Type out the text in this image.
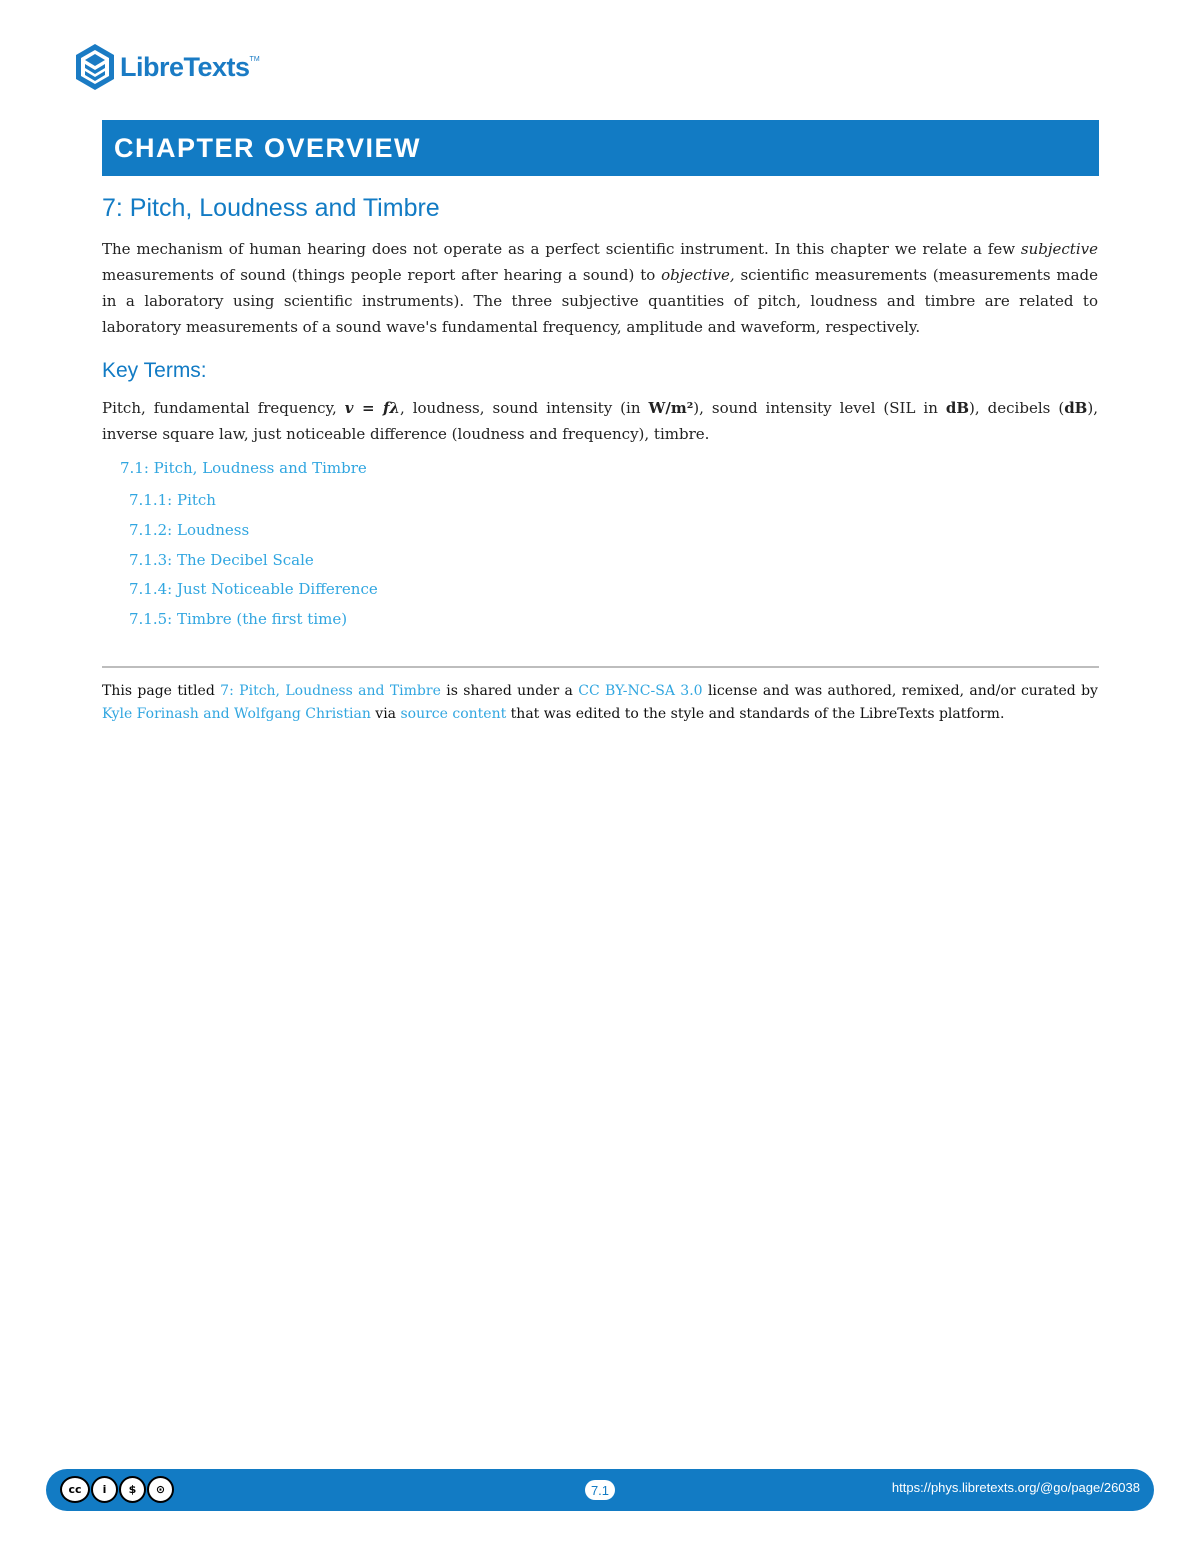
LibreTexts TM
CHAPTER OVERVIEW
7: Pitch, Loudness and Timbre

The mechanism of human hearing does not operate as a perfect scientific instrument. In this chapter we relate a few subjective measurements of sound (things people report after hearing a sound) to objective, scientific measurements (measurements made in a laboratory using scientific instruments). The three subjective quantities of pitch, loudness and timbre are related to laboratory measurements of a sound wave's fundamental frequency, amplitude and waveform, respectively.

Key Terms:

Pitch, fundamental frequency, v = fλ, loudness, sound intensity (in W/m²), sound intensity level (SIL in dB), decibels (dB), inverse square law, just noticeable difference (loudness and frequency), timbre.

7.1: Pitch, Loudness and Timbre
7.1.1: Pitch
7.1.2: Loudness
7.1.3: The Decibel Scale
7.1.4: Just Noticeable Difference
7.1.5: Timbre (the first time)

This page titled 7: Pitch, Loudness and Timbre is shared under a CC BY-NC-SA 3.0 license and was authored, remixed, and/or curated by Kyle Forinash and Wolfgang Christian via source content that was edited to the style and standards of the LibreTexts platform.

cc	i	$	⊙	7.1	https://phys.libretexts.org/@go/page/26038
